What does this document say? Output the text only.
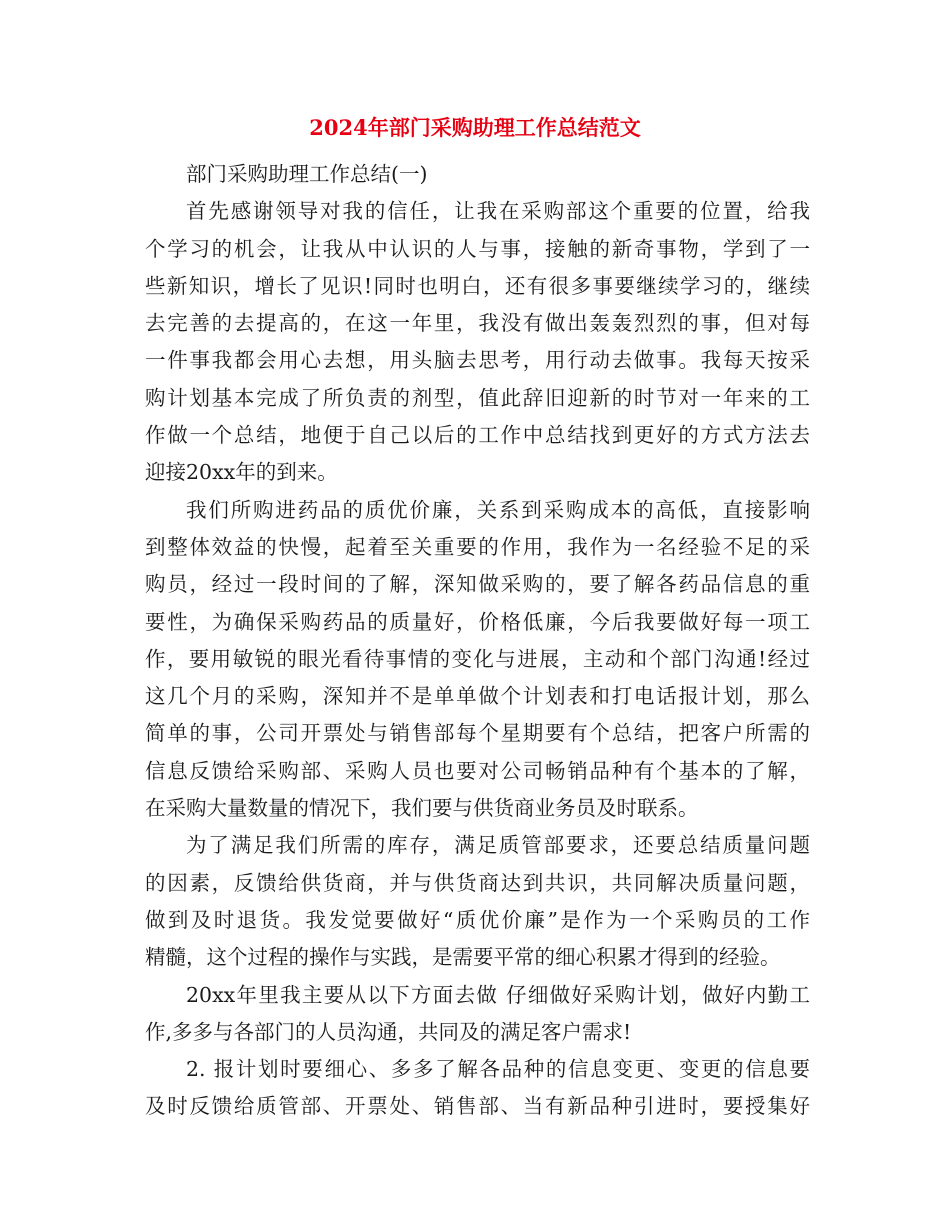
2024年部门采购助理工作总结范文

部门采购助理工作总结(一)

首先感谢领导对我的信任，让我在采购部这个重要的位置，给我
个学习的机会，让我从中认识的人与事，接触的新奇事物，学到了一
些新知识，增长了见识!同时也明白，还有很多事要继续学习的，继续
去完善的去提高的，在这一年里，我没有做出轰轰烈烈的事，但对每
一件事我都会用心去想，用头脑去思考，用行动去做事。我每天按采
购计划基本完成了所负责的剂型，值此辞旧迎新的时节对一年来的工
作做一个总结，地便于自己以后的工作中总结找到更好的方式方法去
迎接20xx年的到来。

我们所购进药品的质优价廉，关系到采购成本的高低，直接影响
到整体效益的快慢，起着至关重要的作用，我作为一名经验不足的采
购员，经过一段时间的了解，深知做采购的，要了解各药品信息的重
要性，为确保采购药品的质量好，价格低廉，今后我要做好每一项工
作，要用敏锐的眼光看待事情的变化与进展，主动和个部门沟通!经过
这几个月的采购，深知并不是单单做个计划表和打电话报计划，那么
简单的事，公司开票处与销售部每个星期要有个总结，把客户所需的
信息反馈给采购部、采购人员也要对公司畅销品种有个基本的了解，
在采购大量数量的情况下，我们要与供货商业务员及时联系。

为了满足我们所需的库存，满足质管部要求，还要总结质量问题
的因素，反馈给供货商，并与供货商达到共识，共同解决质量问题，
做到及时退货。我发觉要做好“质优价廉”是作为一个采购员的工作
精髓，这个过程的操作与实践，是需要平常的细心积累才得到的经验。

20xx年里我主要从以下方面去做 仔细做好采购计划，做好内勤工
作,多多与各部门的人员沟通，共同及的满足客户需求!

2. 报计划时要细心、多多了解各品种的信息变更、变更的信息要
及时反馈给质管部、开票处、销售部、当有新品种引进时，要授集好
